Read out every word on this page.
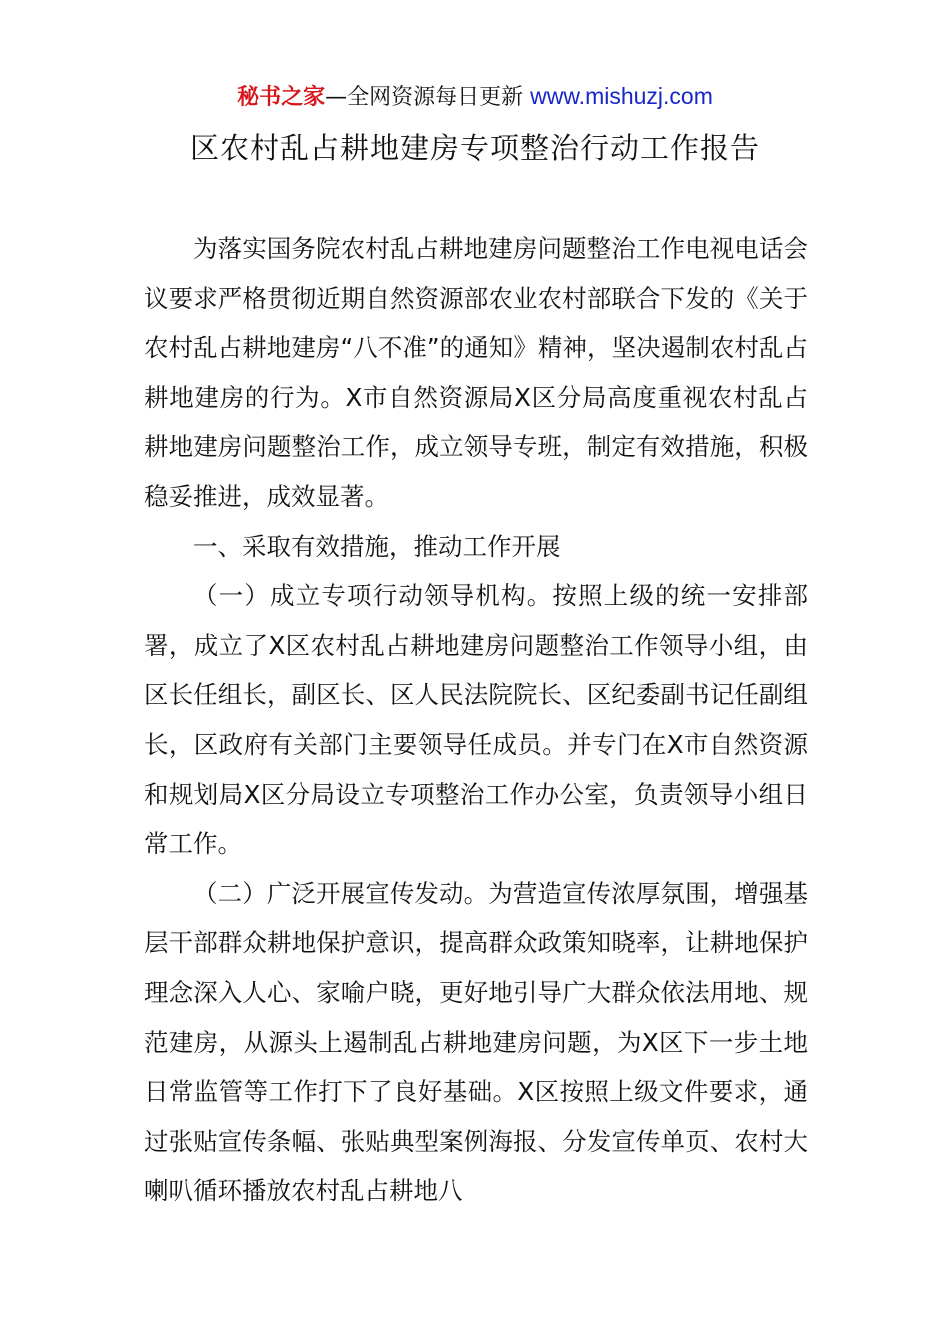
秘书之家—全网资源每日更新 www.mishuzj.com
区农村乱占耕地建房专项整治行动工作报告

为落实国务院农村乱占耕地建房问题整治工作电视电话会议要求严格贯彻近期自然资源部农业农村部联合下发的《关于农村乱占耕地建房“八不准”的通知》精神，坚决遏制农村乱占耕地建房的行为。X市自然资源局X区分局高度重视农村乱占耕地建房问题整治工作，成立领导专班，制定有效措施，积极稳妥推进，成效显著。

一、采取有效措施，推动工作开展

（一）成立专项行动领导机构。按照上级的统一安排部署，成立了X区农村乱占耕地建房问题整治工作领导小组，由区长任组长，副区长、区人民法院院长、区纪委副书记任副组长，区政府有关部门主要领导任成员。并专门在X市自然资源和规划局X区分局设立专项整治工作办公室，负责领导小组日常工作。

（二）广泛开展宣传发动。为营造宣传浓厚氛围，增强基层干部群众耕地保护意识，提高群众政策知晓率，让耕地保护理念深入人心、家喻户晓，更好地引导广大群众依法用地、规范建房，从源头上遏制乱占耕地建房问题，为X区下一步土地日常监管等工作打下了良好基础。X区按照上级文件要求，通过张贴宣传条幅、张贴典型案例海报、分发宣传单页、农村大喇叭循环播放农村乱占耕地八
